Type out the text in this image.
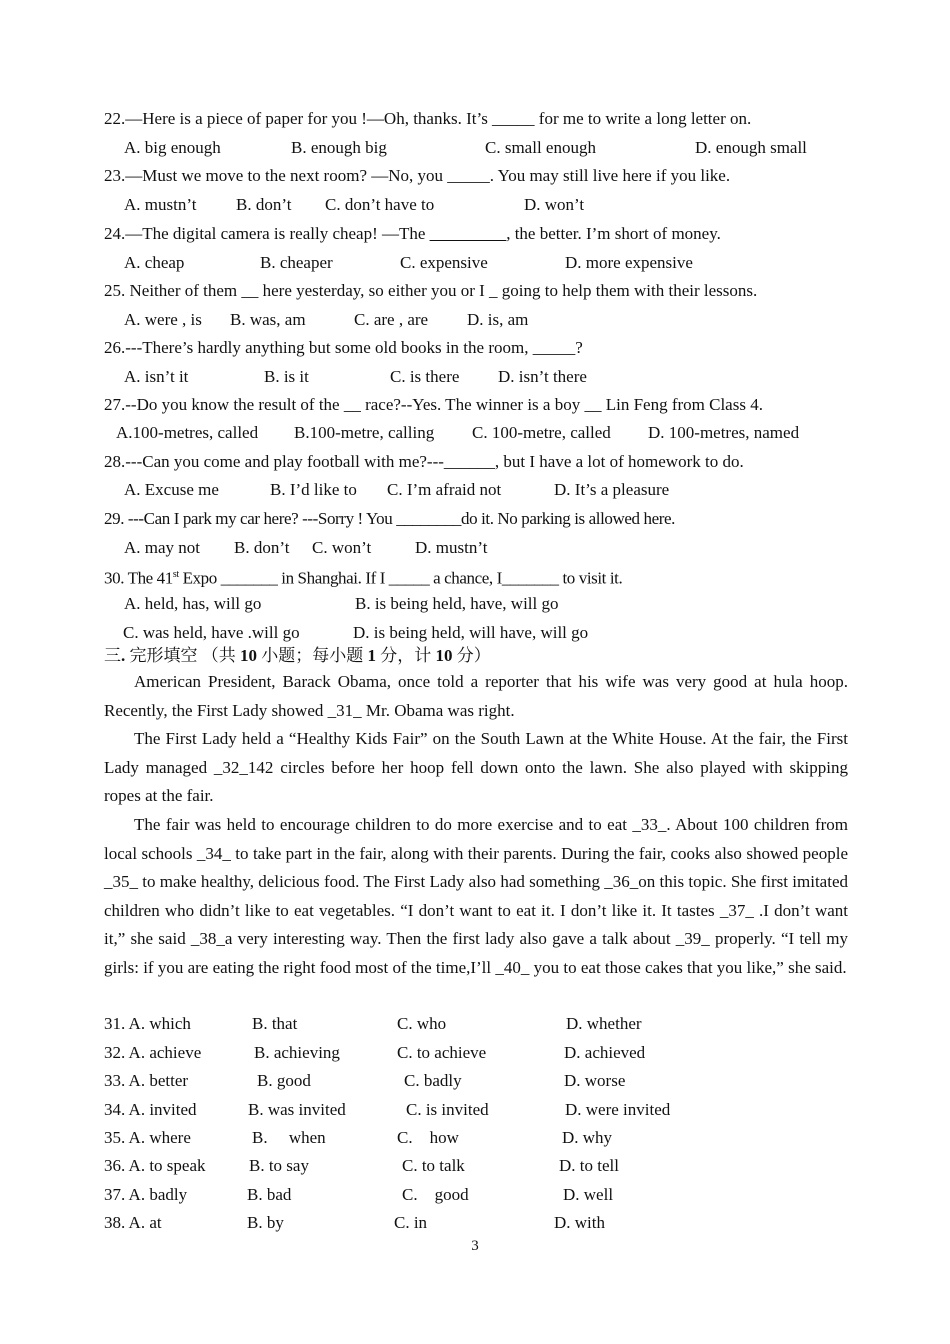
22.—Here is a piece of paper for you !—Oh, thanks. It’s _____ for me to write a long letter on.
A. big enough	B. enough big	C. small enough	D. enough small
23.—Must we move to the next room? —No, you _____. You may still live here if you like.
A. mustn’t B. don’t C. don’t have to	D. won’t
24.—The digital camera is really cheap! —The _________, the better. I’m short of money.
A. cheap	B. cheaper	C. expensive	D. more expensive
25. Neither of them __ here yesterday, so either you or I _ going to help them with their lessons.
A. were , is B. was, am	C. are , are D. is, am
26.---There’s hardly anything but some old books in the room, _____?
A. isn’t it	B. is it	C. is there D. isn’t there
27.--Do you know the result of the __ race?--Yes. The winner is a boy __ Lin Feng from Class 4.
A.100-metres, called B.100-metre, calling C. 100-metre, called D. 100-metres, named
28.---Can you come and play football with me?---______, but I have a lot of homework to do.
A. Excuse me	B. I’d like to C. I’m afraid not	D. It’s a pleasure
29. ---Can I park my car here? ---Sorry ! You ________do it. No parking is allowed here.
A. may not B. don’t C. won’t	D. mustn’t
30. The 41st Expo _______ in Shanghai. If I _____ a chance, I_______ to visit it.
A. held, has, will go	B. is being held, have, will go
C. was held, have .will go	D. is being held, will have, will go
三. 完形填空 （共 10 小题；每小题 1 分，计 10 分）
American President, Barack Obama, once told a reporter that his wife was very good at hula hoop. Recently, the First Lady showed _31_ Mr. Obama was right.
The First Lady held a “Healthy Kids Fair” on the South Lawn at the White House. At the fair, the First Lady managed _32_142 circles before her hoop fell down onto the lawn. She also played with skipping ropes at the fair.
The fair was held to encourage children to do more exercise and to eat _33_. About 100 children from local schools _34_ to take part in the fair, along with their parents. During the fair, cooks also showed people _35_ to make healthy, delicious food. The First Lady also had something _36_on this topic. She first imitated children who didn’t like to eat vegetables. “I don’t want to eat it. I don’t like it. It tastes _37_ .I don’t want it,” she said _38_a very interesting way. Then the first lady also gave a talk about _39_ properly. “I tell my girls: if you are eating the right food most of the time,I’ll _40_ you to eat those cakes that you like,” she said.
31. A. which	B. that	C. who	D. whether
32. A. achieve	B. achieving	C. to achieve	D. achieved
33. A. better	B. good	C. badly	D. worse
34. A. invited	B. was invited	C. is invited	D. were invited
35. A. where	B.     when	C.    how	D. why
36. A. to speak	B. to say	C. to talk	D. to tell
37. A. badly	B. bad	C.    good	D. well
38. A. at	B. by	C. in	D. with
3
